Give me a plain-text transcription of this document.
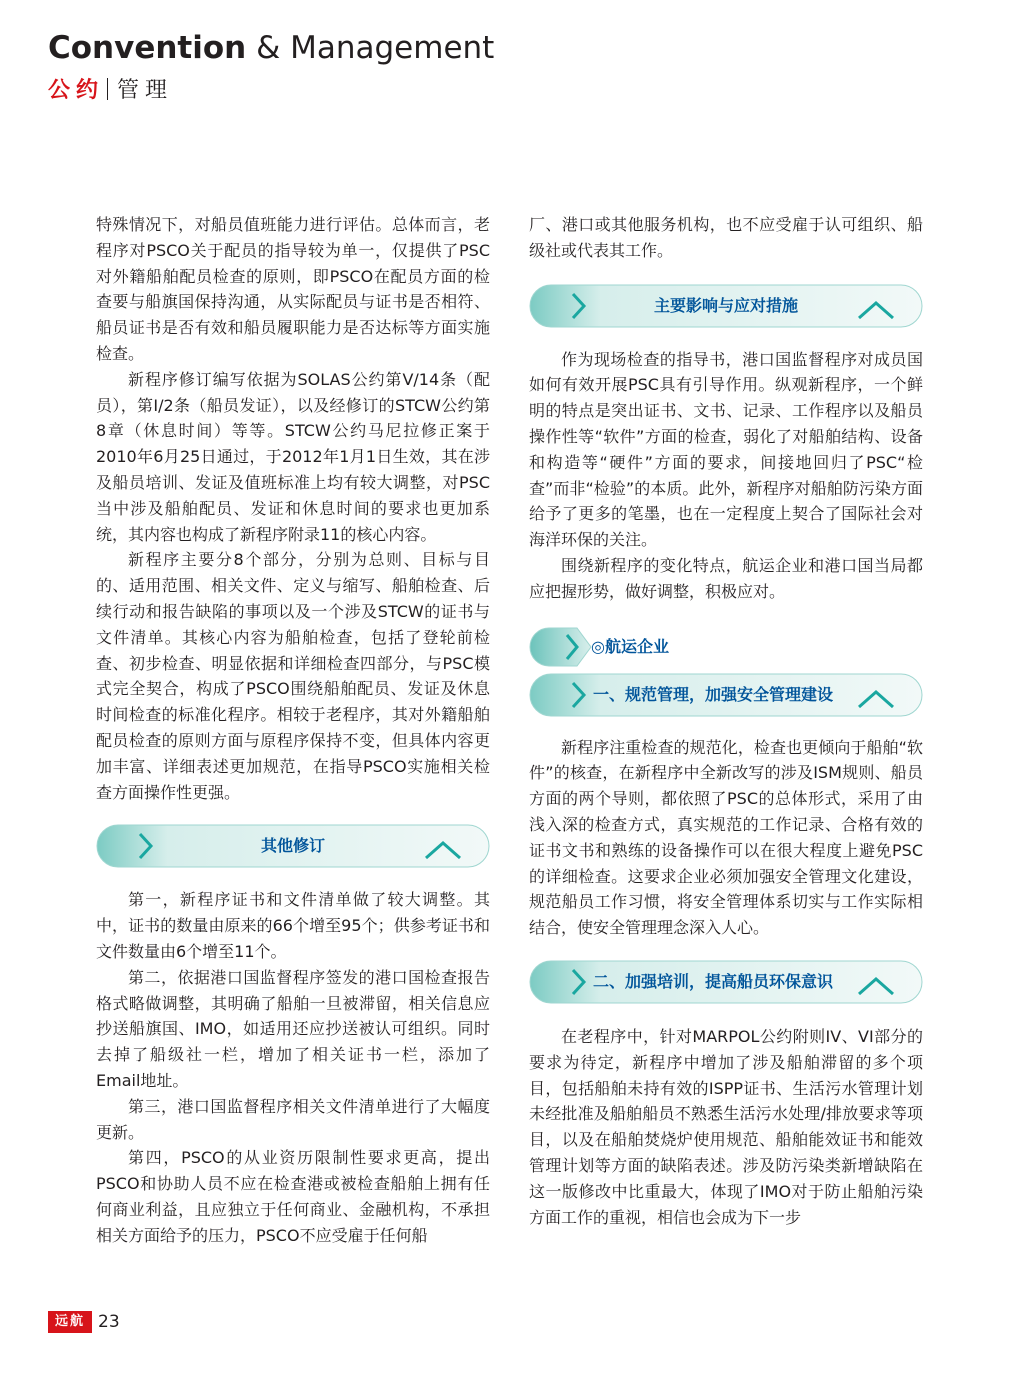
Convention & Management
公约 管理

特殊情况下，对船员值班能力进行评估。总体而言，老程序对PSCO关于配员的指导较为单一，仅提供了PSC对外籍船舶配员检查的原则，即PSCO在配员方面的检查要与船旗国保持沟通，从实际配员与证书是否相符、船员证书是否有效和船员履职能力是否达标等方面实施检查。

新程序修订编写依据为SOLAS公约第V/14条（配员），第I/2条（船员发证），以及经修订的STCW公约第8章（休息时间）等等。STCW公约马尼拉修正案于2010年6月25日通过，于2012年1月1日生效，其在涉及船员培训、发证及值班标准上均有较大调整，对PSC当中涉及船舶配员、发证和休息时间的要求也更加系统，其内容也构成了新程序附录11的核心内容。

新程序主要分8个部分，分别为总则、目标与目的、适用范围、相关文件、定义与缩写、船舶检查、后续行动和报告缺陷的事项以及一个涉及STCW的证书与文件清单。其核心内容为船舶检查，包括了登轮前检查、初步检查、明显依据和详细检查四部分，与PSC模式完全契合，构成了PSCO围绕船舶配员、发证及休息时间检查的标准化程序。相较于老程序，其对外籍船舶配员检查的原则方面与原程序保持不变，但具体内容更加丰富、详细表述更加规范，在指导PSCO实施相关检查方面操作性更强。

其他修订

第一，新程序证书和文件清单做了较大调整。其中，证书的数量由原来的66个增至95个；供参考证书和文件数量由6个增至11个。

第二，依据港口国监督程序签发的港口国检查报告格式略做调整，其明确了船舶一旦被滞留，相关信息应抄送船旗国、IMO，如适用还应抄送被认可组织。同时去掉了船级社一栏，增加了相关证书一栏，添加了Email地址。

第三，港口国监督程序相关文件清单进行了大幅度更新。

第四，PSCO的从业资历限制性要求更高，提出PSCO和协助人员不应在检查港或被检查船舶上拥有任何商业利益，且应独立于任何商业、金融机构，不承担相关方面给予的压力，PSCO不应受雇于任何船

厂、港口或其他服务机构，也不应受雇于认可组织、船级社或代表其工作。

主要影响与应对措施

作为现场检查的指导书，港口国监督程序对成员国如何有效开展PSC具有引导作用。纵观新程序，一个鲜明的特点是突出证书、文书、记录、工作程序以及船员操作性等“软件”方面的检查，弱化了对船舶结构、设备和构造等“硬件”方面的要求，间接地回归了PSC“检查”而非“检验”的本质。此外，新程序对船舶防污染方面给予了更多的笔墨，也在一定程度上契合了国际社会对海洋环保的关注。

围绕新程序的变化特点，航运企业和港口国当局都应把握形势，做好调整，积极应对。

◎航运企业
一、规范管理，加强安全管理建设

新程序注重检查的规范化，检查也更倾向于船舶“软件”的核查，在新程序中全新改写的涉及ISM规则、船员方面的两个导则，都依照了PSC的总体形式，采用了由浅入深的检查方式，真实规范的工作记录、合格有效的证书文书和熟练的设备操作可以在很大程度上避免PSC的详细检查。这要求企业必须加强安全管理文化建设，规范船员工作习惯，将安全管理体系切实与工作实际相结合，使安全管理理念深入人心。

二、加强培训，提高船员环保意识

在老程序中，针对MARPOL公约附则IV、VI部分的要求为待定，新程序中增加了涉及船舶滞留的多个项目，包括船舶未持有效的ISPP证书、生活污水管理计划未经批准及船舶船员不熟悉生活污水处理/排放要求等项目，以及在船舶焚烧炉使用规范、船舶能效证书和能效管理计划等方面的缺陷表述。涉及防污染类新增缺陷在这一版修改中比重最大，体现了IMO对于防止船舶污染方面工作的重视，相信也会成为下一步

远航 23
